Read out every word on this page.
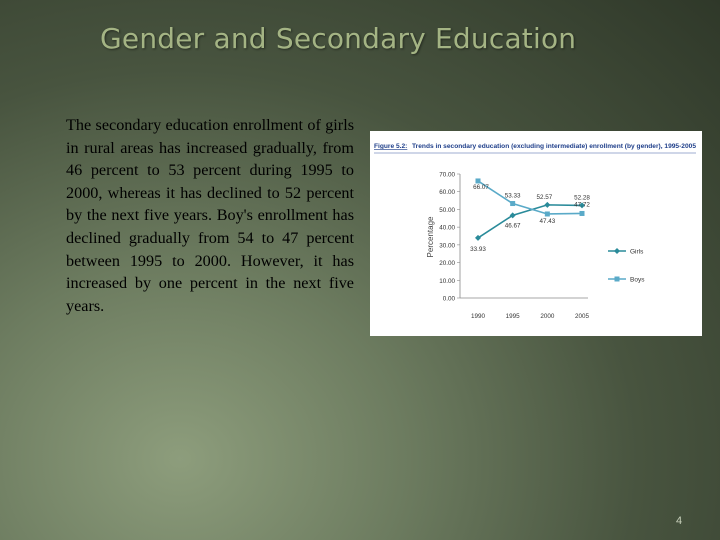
Gender and Secondary Education
The secondary education enrollment of girls in rural areas has increased gradually, from 46 percent to 53 percent during 1995 to 2000, whereas it has declined to 52 percent by the next five years. Boy's enrollment has declined gradually from 54 to 47 percent between 1995 to 2000. However, it has increased by one percent in the next five years.
Figure 5.2: Trends in secondary education (excluding intermediate) enrollment (by gender), 1995-2005
Percentage
0.00
10.00
20.00
30.00
40.00
50.00
60.00
70.00
1990	1995	2000	2005
33.93
46.67
52.57	52.28
66.07
53.33
47.43
47.72
Girls
Boys
4
